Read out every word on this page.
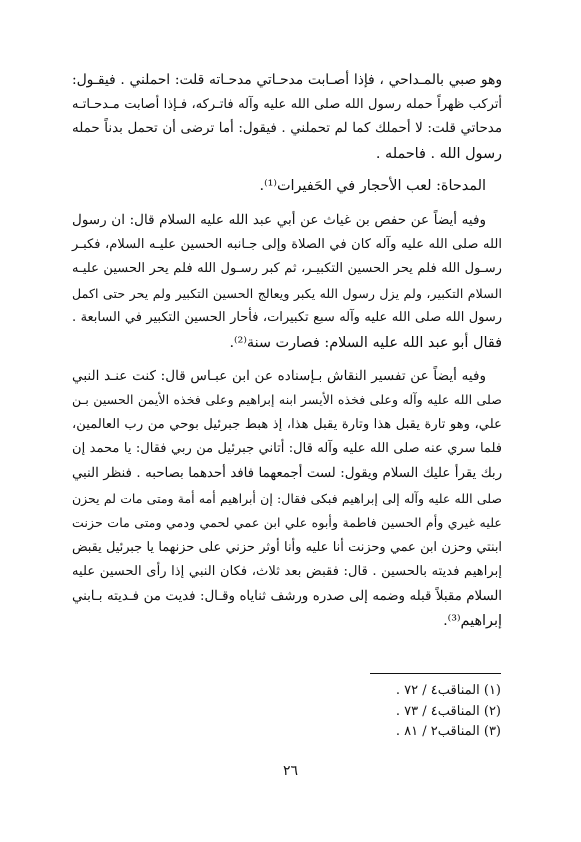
وهو صبي بالمـداحي ، فإذا أصـابت مدحـاتي مدحـاته قلت: احملني . فيقـول:
أتركب ظهراً حمله رسول الله صلى الله عليه وآله فاتـركه، فـإذا أصابت مـدحـاتـه
مدحاتي قلت: لا أحملك كما لم تحملني . فيقول: أما ترضى أن تحمل بدناً حمله
رسول الله . فاحمله .

المدحاة: لعب الأحجار في الحَفيرات⁽¹⁾.

وفيه أيضاً عن حفص بن غياث عن أبي عبد الله عليه السلام قال: ان رسول
الله صلى الله عليه وآله كان في الصلاة وإلى جـانبه الحسين عليـه السلام، فكبـر
رسـول الله فلم يحر الحسين التكبيـر، ثم كبر رسـول الله فلم يحر الحسين عليـه
السلام التكبير، ولم يزل رسول الله يكبر ويعالج الحسين التكبير ولم يحر حتى اكمل
رسول الله صلى الله عليه وآله سبع تكبيرات، فأحار الحسين التكبير في السابعة .
فقال أبو عبد الله عليه السلام: فصارت سنة⁽²⁾.

وفيه أيضاً عن تفسير النقاش بـإسناده عن ابن عبـاس قال: كنت عنـد النبي
صلى الله عليه وآله وعلى فخذه الأيسر ابنه إبراهيم وعلى فخذه الأيمن الحسين بـن
علي، وهو تارة يقبل هذا وتارة يقبل هذا، إذ هبط جبرئيل بوحي من رب العالمين،
فلما سري عنه صلى الله عليه وآله قال: أتاني جبرئيل من ربي فقال: يا محمد إن
ربك يقرأ عليك السلام ويقول: لست أجمعهما فافد أحدهما بصاحبه . فنظر النبي
صلى الله عليه وآله إلى إبراهيم فبكى فقال: إن أبراهيم أمه أمة ومتى مات لم يحزن
عليه غيري وأم الحسين فاطمة وأبوه علي ابن عمي لحمي ودمي ومتى مات حزنت
ابنتي وحزن ابن عمي وحزنت أنا عليه وأنا أوثر حزني على حزنهما يا جبرئيل يقبض
إبراهيم فديته بالحسين . قال: فقبض بعد ثلاث، فكان النبي إذا رأى الحسين عليه
السلام مقبلاً قبله وضمه إلى صدره ورشف ثناياه وقـال: فديت من فـديته بـابني
إبراهيم⁽³⁾.

(١) المناقب٤ / ٧٢ .
(٢) المناقب٤ / ٧٣ .
(٣) المناقب٢ / ٨١ .
٢٦
